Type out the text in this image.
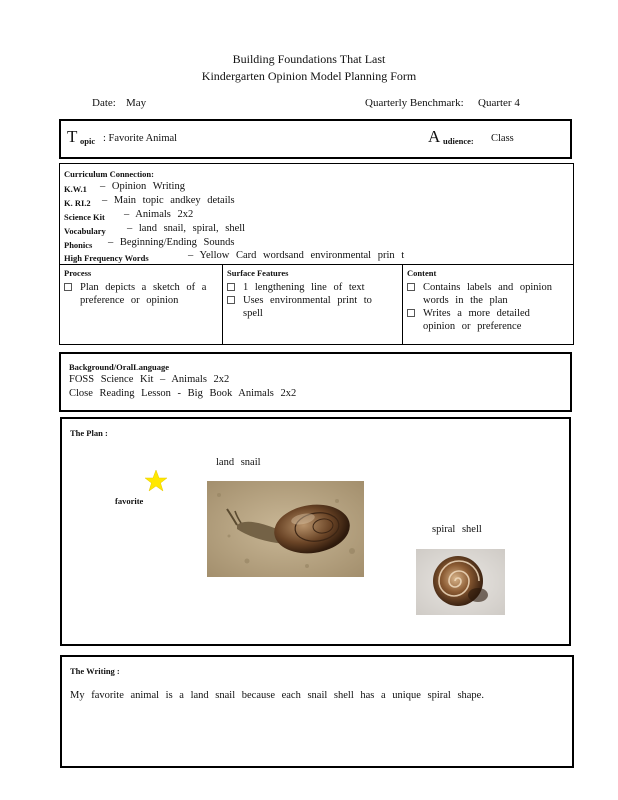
Building Foundations That Last
Kindergarten Opinion Model Planning Form
Date: May	Quarterly Benchmark: Quarter 4
T opic : Favorite Animal	A udience: Class
Curriculum Connection:
K.W.1 – Opinion Writing
K. RI.2 – Main topic andkey details
Science Kit – Animals 2x2
Vocabulary – land snail, spiral, shell
Phonics – Beginning/Ending Sounds
High Frequency Words	– Yellow Card wordsand environmental prin t
Process
Plan depicts a sketch of a preference or opinion
Surface Features
1 lengthening line of text
Uses environmental print to spell
Content
Contains labels and opinion words in the plan
Writes a more detailed opinion or preference
Background/OralLanguage
FOSS Science Kit – Animals 2x2
Close Reading Lesson - Big Book Animals 2x2
The Plan :
land snail
favorite
spiral shell
The Writing :
My favorite animal is a land snail because each snail shell has a unique spiral shape.
